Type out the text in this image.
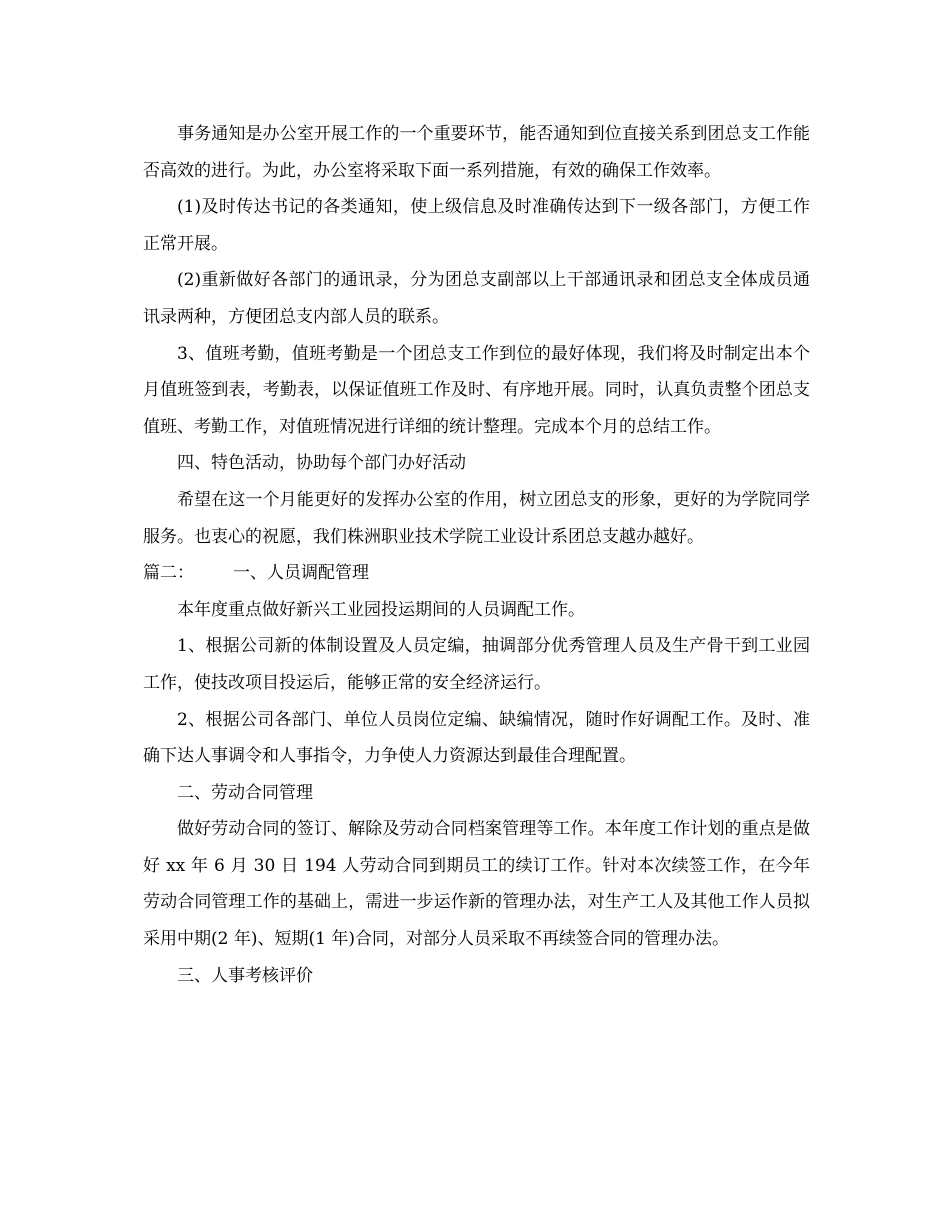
事务通知是办公室开展工作的一个重要环节，能否通知到位直接关系到团总支工作能否高效的进行。为此，办公室将采取下面一系列措施，有效的确保工作效率。

(1)及时传达书记的各类通知，使上级信息及时准确传达到下一级各部门，方便工作正常开展。

(2)重新做好各部门的通讯录，分为团总支副部以上干部通讯录和团总支全体成员通讯录两种，方便团总支内部人员的联系。

3、值班考勤，值班考勤是一个团总支工作到位的最好体现，我们将及时制定出本个月值班签到表，考勤表，以保证值班工作及时、有序地开展。同时，认真负责整个团总支值班、考勤工作，对值班情况进行详细的统计整理。完成本个月的总结工作。

四、特色活动，协助每个部门办好活动

希望在这一个月能更好的发挥办公室的作用，树立团总支的形象，更好的为学院同学服务。也衷心的祝愿，我们株洲职业技术学院工业设计系团总支越办越好。

篇二： 一、人员调配管理

本年度重点做好新兴工业园投运期间的人员调配工作。

1、根据公司新的体制设置及人员定编，抽调部分优秀管理人员及生产骨干到工业园工作，使技改项目投运后，能够正常的安全经济运行。

2、根据公司各部门、单位人员岗位定编、缺编情况，随时作好调配工作。及时、准确下达人事调令和人事指令，力争使人力资源达到最佳合理配置。

二、劳动合同管理

做好劳动合同的签订、解除及劳动合同档案管理等工作。本年度工作计划的重点是做好 xx 年 6 月 30 日 194 人劳动合同到期员工的续订工作。针对本次续签工作，在今年劳动合同管理工作的基础上，需进一步运作新的管理办法，对生产工人及其他工作人员拟采用中期(2 年)、短期(1 年)合同，对部分人员采取不再续签合同的管理办法。

三、人事考核评价
